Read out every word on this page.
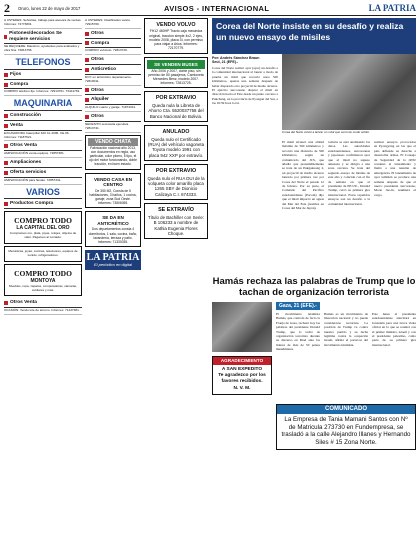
2 Oruro, lunes 22 de mayo de 2017	AVISOS - INTERNACIONAL	LA PATRIA
A USTEDES: Señoritas, trabajo para asesora de ventas. Informes: 72773801.
Pistones/decorados Se requiere servicios
SE REQUIERE: Maestros, ayudantes para acabados y obra fina. 72813756.
TELEFONOS
Fijos
Compra
COMPRO teléfono fijo. Informes: 72913761. 73441781.
MAQUINARIA
Construcción
Venta
EXCAVADORA Caterpillar 320 CL 2006. CE 06. Informes: 71187521.
Otros Venta
AMPLIFICACIÓN venta equipos. 72857381.
Ampliaciones
Oferta servicios
AMPLIFICACIÓN para fiestas. 72857341.
VARIOS
Productos Compra
COMPRO TODO
LA CAPITAL DEL ORO
Compramos oro, plata, joyas, relojes, objetos de valor. Pagamos al contado.
Mecánicas, joyas, cocinas, televisores, equipos de sonido, refrigeradores.
COMPRO TODO
MONTOYA
Muebles, ropa, zapatos, computadoras, cámaras, celulares y más.
Otros Venta
OCASIÓN: Vendo lote de terreno. Informes: 71437381.
A USTEDES: Clasificados varios. 72915760.
Otros
Compra
COMPRO vehículo. 72813726.
Otros
Anticretico
DOY en anticrético departamento. 72810011.
Otros
Alquiler
ALQUILO cuarto y garaje. 71874341.
Otros
NECESITO secretaria ejecutiva. 72813741.
VENDO CHATA
Fabricación nacional año 2013, con documentos en regla, uso particular, color plomo, 5 tipo, el ojo del motor funcionando, doble tracción, en buen estado.
VENDO CASA EN CENTRO
De 350 M2, Consta de 5 habitaciones, 3 baños, 1 cocina, garaje; zona Sud Oeste. Informes: 73806055.
SE DA EN ANTICRÉTICO
Dos departamentos consta 4 dormitorios, 1 sala, cocina, baño, lavandería, terraza y patio. Informes: 71330035.
LA PATRIA
El periódico en digital
VENDO VOLVO
FH12 460HP Tracto caja mecánica original, tracción simple 4x2, 2 ejes, modelo 2008, placa 3I, con permiso para viajar a Arica. Informes: 72170779.
SE VENDEN BUSES
Año 2006 y 2007, doble piso, sin permiso de 50 pasajeros, Camioneta Mercedes Benz, modelo 2007. Informes: 72813725.
POR EXTRAVIO
Queda nula la Libreta de Ahorro Cta. 5520037758 del Banco Nacional de Bolivia.
ANULADO
Queda nulo el Certificado (RUA) del vehículo vagoneta Toyota modelo 1991 con placa 942 XXP por extravío.
POR EXTRAVIO
Queda nulo el RUA DUI de la volqueta color amarillo placa 1265 SBY de Dionicio Calizaya C.I. 674333.
SE EXTRAVÍO
Título de Bachiller con Serie: B 106233 a nombre de Kathia Eugenia Flores Choque.
Corea del Norte insiste en su desafío y realiza un nuevo ensayo de misiles
Por: Andrés Sánchez Braun
Seúl, 21 (EFE).-
Corea del Norte realizó ayer (ayer) un desafío a la comunidad internacional al lanzar a modo de prueba un misil que recorrió unos 500 kilómetros, apenas una semana después de haber disparado otro proyectil de medio alcance. El ejército surcoreano disparó el misil en dirección hacia el Este desde un punto cercano a Pukchang, en la provincia de Pyongan del Sur, a las 16:59 hora local.
Corea del Norte volvió a lanzar un misil que cerró de modo súbito.
El misil alcanzó una altitud máxima de 560 kilómetros y recorrió una distancia de 500 kilómetros, según un comunicado del JCS, que añadió que presumiblemente se trata de un Pukguksong 2, un proyectil de medio alcance lanzado por primera vez por Corea del Norte el pasado 12 de febrero. Por su parte, el Comando del Pacífico estadounidense (Pacom) dijo que el misil impactó en aguas del Mar del Este (nombre en Corea del Mar de Japón).
todavía se está analizando los datos. Las autoridades estadounidenses, surcoreanas y japonesas confirmaron ayer que el misil no supuso amenaza y se dirigía a una zona cercana. Se trata del segundo ensayo de misiles de este año y coincide con el fin de semana en que el presidente de EE.UU., Donald Trump, cerró su primera gira internacional. Estos repetidos ensayos son un desafío a la comunidad internacional.
realizar ensayos provocados en Pyongyang en las que el país defiende su derecho a desarrollar armas. El Consejo de Seguridad de la ONU condenó el lanzamiento y llamó a una reunión de emergencia. El lanzamiento de ayer también se produce una semana después de que el nuevo presidente surcoreano, Moon Jae-in, asumiera el cargo.
Hamás rechaza las palabras de Trump que lo tachan de organización terrorista
Gaza, 21 (EFE).-
El movimiento islamista Hamás, que controla de facto la Franja de Gaza, rechazó hoy las palabras del presidente Donald Trump, que lo tachó de organización terrorista durante su discurso en Riad ante los líderes de más de 50 países musulmanes.
Hamás es un movimiento de liberación nacional y no puede considerarse terrorista. La posición de Trump va contra nuestro pueblo y su lucha legítima contra la ocupación israelí, afirmó el portavoz del movimiento islamista.
Este lunes el presidente estadounidense aterrizará en Jerusalén para una breve visita oficial en la que se reunirá con el primer ministro israelí y con el presidente palestino, como parte de su primera gira internacional.
AGRADECIMIENTO
A SAN EXPEDITO
Te agradezco por los favores recibidos.
N. V. M.
COMUNICADO
La Empresa de Tania Mamani Santos con Nº de Matricula 273730 en Fundempresa, se trasladó a la calle Alejandro Illanes y Hernando Siles # 15 Zona Norte.
